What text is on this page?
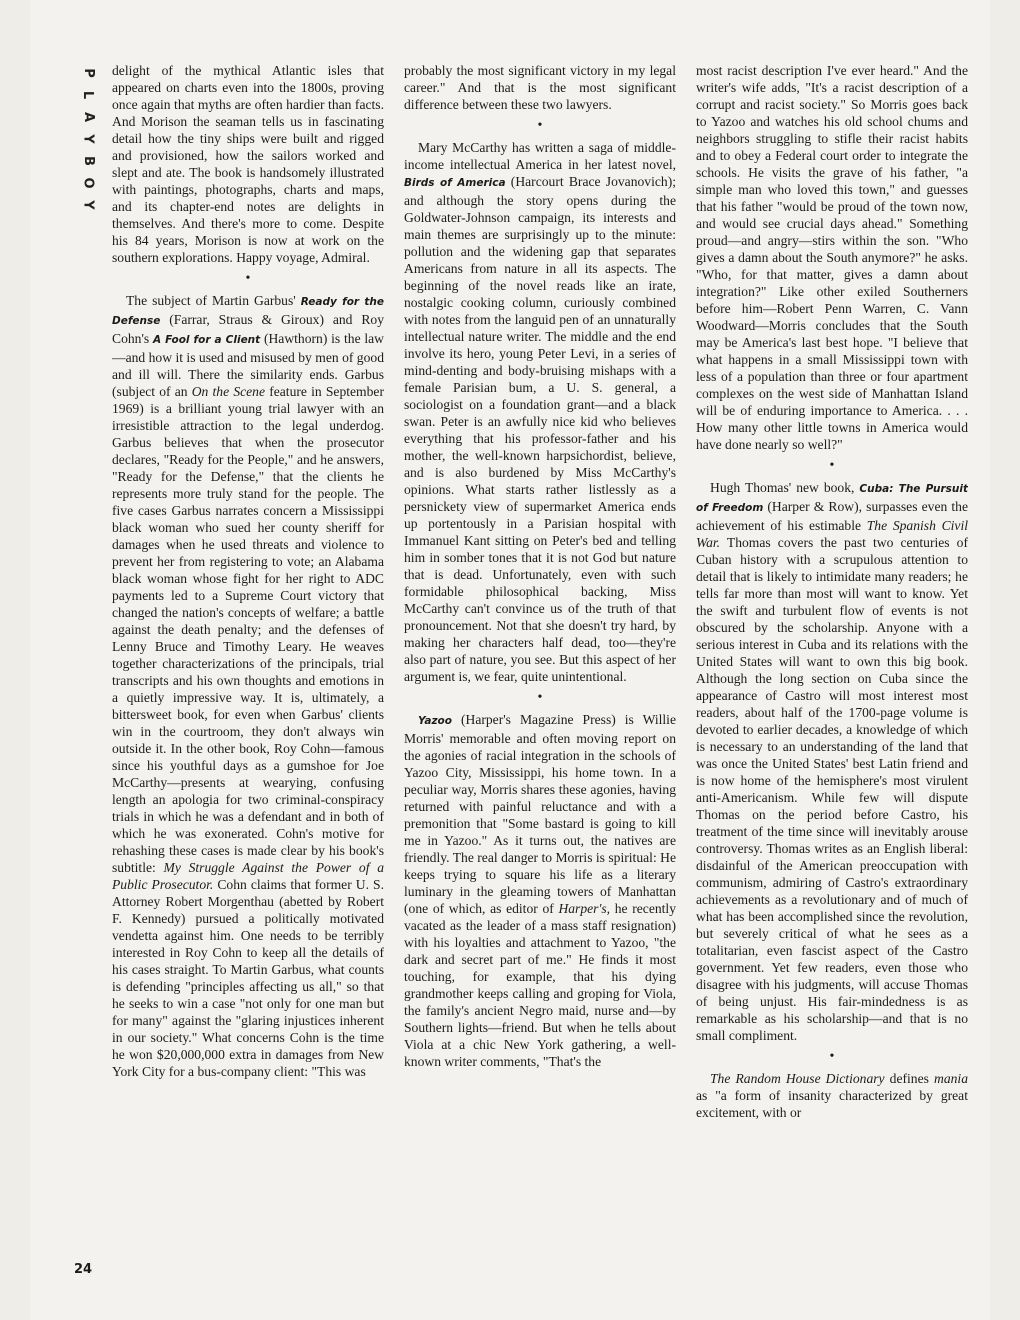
P
L
A
Y
B
O
Y
24

delight of the mythical Atlantic isles that appeared on charts even into the 1800s, proving once again that myths are often hardier than facts. And Morison the seaman tells us in fascinating detail how the tiny ships were built and rigged and provisioned, how the sailors worked and slept and ate. The book is handsomely illustrated with paintings, photographs, charts and maps, and its chapter-end notes are delights in themselves. And there's more to come. Despite his 84 years, Morison is now at work on the southern explorations. Happy voyage, Admiral.

•

The subject of Martin Garbus' Ready for the Defense (Farrar, Straus & Giroux) and Roy Cohn's A Fool for a Client (Hawthorn) is the law—and how it is used and misused by men of good and ill will. There the similarity ends. Garbus (subject of an On the Scene feature in September 1969) is a brilliant young trial lawyer with an irresistible attraction to the legal underdog. Garbus believes that when the prosecutor declares, "Ready for the People," and he answers, "Ready for the Defense," that the clients he represents more truly stand for the people. The five cases Garbus narrates concern a Mississippi black woman who sued her county sheriff for damages when he used threats and violence to prevent her from registering to vote; an Alabama black woman whose fight for her right to ADC payments led to a Supreme Court victory that changed the nation's concepts of welfare; a battle against the death penalty; and the defenses of Lenny Bruce and Timothy Leary. He weaves together characterizations of the principals, trial transcripts and his own thoughts and emotions in a quietly impressive way. It is, ultimately, a bittersweet book, for even when Garbus' clients win in the courtroom, they don't always win outside it. In the other book, Roy Cohn—famous since his youthful days as a gumshoe for Joe McCarthy—presents at wearying, confusing length an apologia for two criminal-conspiracy trials in which he was a defendant and in both of which he was exonerated. Cohn's motive for rehashing these cases is made clear by his book's subtitle: My Struggle Against the Power of a Public Prosecutor. Cohn claims that former U. S. Attorney Robert Morgenthau (abetted by Robert F. Kennedy) pursued a politically motivated vendetta against him. One needs to be terribly interested in Roy Cohn to keep all the details of his cases straight. To Martin Garbus, what counts is defending "principles affecting us all," so that he seeks to win a case "not only for one man but for many" against the "glaring injustices inherent in our society." What concerns Cohn is the time he won $20,000,000 extra in damages from New York City for a bus-company client: "This was

probably the most significant victory in my legal career." And that is the most significant difference between these two lawyers.

•

Mary McCarthy has written a saga of middle-income intellectual America in her latest novel, Birds of America (Harcourt Brace Jovanovich); and although the story opens during the Goldwater-Johnson campaign, its interests and main themes are surprisingly up to the minute: pollution and the widening gap that separates Americans from nature in all its aspects. The beginning of the novel reads like an irate, nostalgic cooking column, curiously combined with notes from the languid pen of an unnaturally intellectual nature writer. The middle and the end involve its hero, young Peter Levi, in a series of mind-denting and body-bruising mishaps with a female Parisian bum, a U. S. general, a sociologist on a foundation grant—and a black swan. Peter is an awfully nice kid who believes everything that his professor-father and his mother, the well-known harpsichordist, believe, and is also burdened by Miss McCarthy's opinions. What starts rather listlessly as a persnickety view of supermarket America ends up portentously in a Parisian hospital with Immanuel Kant sitting on Peter's bed and telling him in somber tones that it is not God but nature that is dead. Unfortunately, even with such formidable philosophical backing, Miss McCarthy can't convince us of the truth of that pronouncement. Not that she doesn't try hard, by making her characters half dead, too—they're also part of nature, you see. But this aspect of her argument is, we fear, quite unintentional.

•

Yazoo (Harper's Magazine Press) is Willie Morris' memorable and often moving report on the agonies of racial integration in the schools of Yazoo City, Mississippi, his home town. In a peculiar way, Morris shares these agonies, having returned with painful reluctance and with a premonition that "Some bastard is going to kill me in Yazoo." As it turns out, the natives are friendly. The real danger to Morris is spiritual: He keeps trying to square his life as a literary luminary in the gleaming towers of Manhattan (one of which, as editor of Harper's, he recently vacated as the leader of a mass staff resignation) with his loyalties and attachment to Yazoo, "the dark and secret part of me." He finds it most touching, for example, that his dying grandmother keeps calling and groping for Viola, the family's ancient Negro maid, nurse and—by Southern lights—friend. But when he tells about Viola at a chic New York gathering, a well-known writer comments, "That's the

most racist description I've ever heard." And the writer's wife adds, "It's a racist description of a corrupt and racist society." So Morris goes back to Yazoo and watches his old school chums and neighbors struggling to stifle their racist habits and to obey a Federal court order to integrate the schools. He visits the grave of his father, "a simple man who loved this town," and guesses that his father "would be proud of the town now, and would see crucial days ahead." Something proud—and angry—stirs within the son. "Who gives a damn about the South anymore?" he asks. "Who, for that matter, gives a damn about integration?" Like other exiled Southerners before him—Robert Penn Warren, C. Vann Woodward—Morris concludes that the South may be America's last best hope. "I believe that what happens in a small Mississippi town with less of a population than three or four apartment complexes on the west side of Manhattan Island will be of enduring importance to America. . . . How many other little towns in America would have done nearly so well?"

•

Hugh Thomas' new book, Cuba: The Pursuit of Freedom (Harper & Row), surpasses even the achievement of his estimable The Spanish Civil War. Thomas covers the past two centuries of Cuban history with a scrupulous attention to detail that is likely to intimidate many readers; he tells far more than most will want to know. Yet the swift and turbulent flow of events is not obscured by the scholarship. Anyone with a serious interest in Cuba and its relations with the United States will want to own this big book. Although the long section on Cuba since the appearance of Castro will most interest most readers, about half of the 1700-page volume is devoted to earlier decades, a knowledge of which is necessary to an understanding of the land that was once the United States' best Latin friend and is now home of the hemisphere's most virulent anti-Americanism. While few will dispute Thomas on the period before Castro, his treatment of the time since will inevitably arouse controversy. Thomas writes as an English liberal: disdainful of the American preoccupation with communism, admiring of Castro's extraordinary achievements as a revolutionary and of much of what has been accomplished since the revolution, but severely critical of what he sees as a totalitarian, even fascist aspect of the Castro government. Yet few readers, even those who disagree with his judgments, will accuse Thomas of being unjust. His fair-mindedness is as remarkable as his scholarship—and that is no small compliment.

•

The Random House Dictionary defines mania as "a form of insanity characterized by great excitement, with or
